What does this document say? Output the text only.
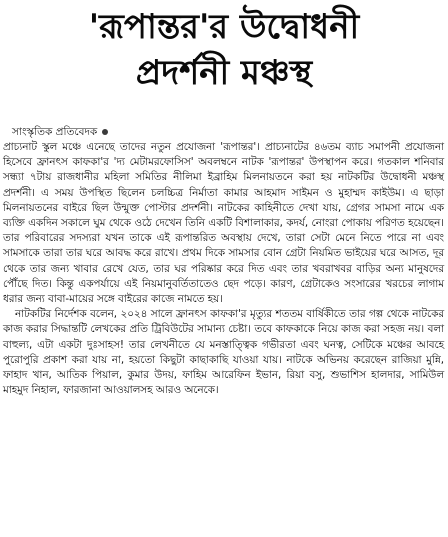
'রূপান্তর'র উদ্বোধনী
প্রদর্শনী মঞ্চস্থ
সাংস্কৃতিক প্রতিবেদক

প্রাচ্যনাট স্কুল মঞ্চে এনেছে তাদের নতুন প্রযোজনা 'রূপান্তর'। প্রাচ্যনাটের ৪৬তম ব্যাচ সমাপনী প্রযোজনা হিসেবে ফ্রানৎস কাফকা'র 'দ্য মেটামরফোসিস' অবলম্বনে নাটক 'রূপান্তর' উপস্থাপন করে। গতকাল শনিবার সন্ধ্যা ৭টায় রাজধানীর মহিলা সমিতির নীলিমা ইব্রাহিম মিলনায়তনে করা হয় নাটকটির উদ্বোধনী মঞ্চস্থ প্রদর্শনী। এ সময় উপস্থিত ছিলেন চলচ্চিত্র নির্মাতা কামার আহমাদ সাইমন ও মুহাম্মদ কাইউম। এ ছাড়া মিলনায়তনের বাইরে ছিল উন্মুক্ত পোস্টার প্রদর্শনী। নাটকের কাহিনীতে দেখা যায়, গ্রেগর সামসা নামে এক ব্যক্তি একদিন সকালে ঘুম থেকে ওঠে দেখেন তিনি একটি বিশালাকার, কদর্য, নোংরা পোকায় পরিণত হয়েছেন। তার পরিবারের সদস্যরা যখন তাকে এই রূপান্তরিত অবস্থায় দেখে, তারা সেটা মেনে নিতে পারে না এবং সামসাকে তারা তার ঘরে আবদ্ধ করে রাখে। প্রথম দিকে সামসার বোন গ্রেটা নিয়মিত ভাইয়ের ঘরে আসত, দূর থেকে তার জন্য খাবার রেখে যেত, তার ঘর পরিষ্কার করে দিত এবং তার খবরাখবর বাড়ির অন্য মানুষদের পৌঁছে দিত। কিন্তু একপর্যায়ে এই নিয়মানুবর্তিতাতেও ছেদ পড়ে। কারণ, গ্রেটাকেও সংসারের খরচের লাগাম ধরার জন্য বাবা-মায়ের সঙ্গে বাইরের কাজে নামতে হয়।

নাটকটির নির্দেশক বলেন, ২০২৪ সালে ফ্রানৎস কাফকা'র মৃত্যুর শততম বার্ষিকীতে তার গল্প থেকে নাটকের কাজ করার সিদ্ধান্তটি লেখকের প্রতি ট্রিবিউটের সামান্য চেষ্টা। তবে কাফকাকে নিয়ে কাজ করা সহজ নয়। বলা বাহুল্য, এটা একটা দুঃসাহস! তার লেখনীতে যে মনস্তাত্ত্বিক গভীরতা এবং ঘনত্ব, সেটিকে মঞ্চের আবহে পুরোপুরি প্রকাশ করা যায় না, হয়তো কিছুটা কাছাকাছি যাওয়া যায়। নাটকে অভিনয় করেছেন রাজিয়া মুন্নি, ফাহাদ খান, আতিক পিয়াল, কুমার উদয়, ফাহিম আরেফিন ইভান, রিয়া বসু, শুভাশিস হালদার, সামিউল মাহমুদ নিহাল, ফারজানা আওয়ালসহ আরও অনেকে।
